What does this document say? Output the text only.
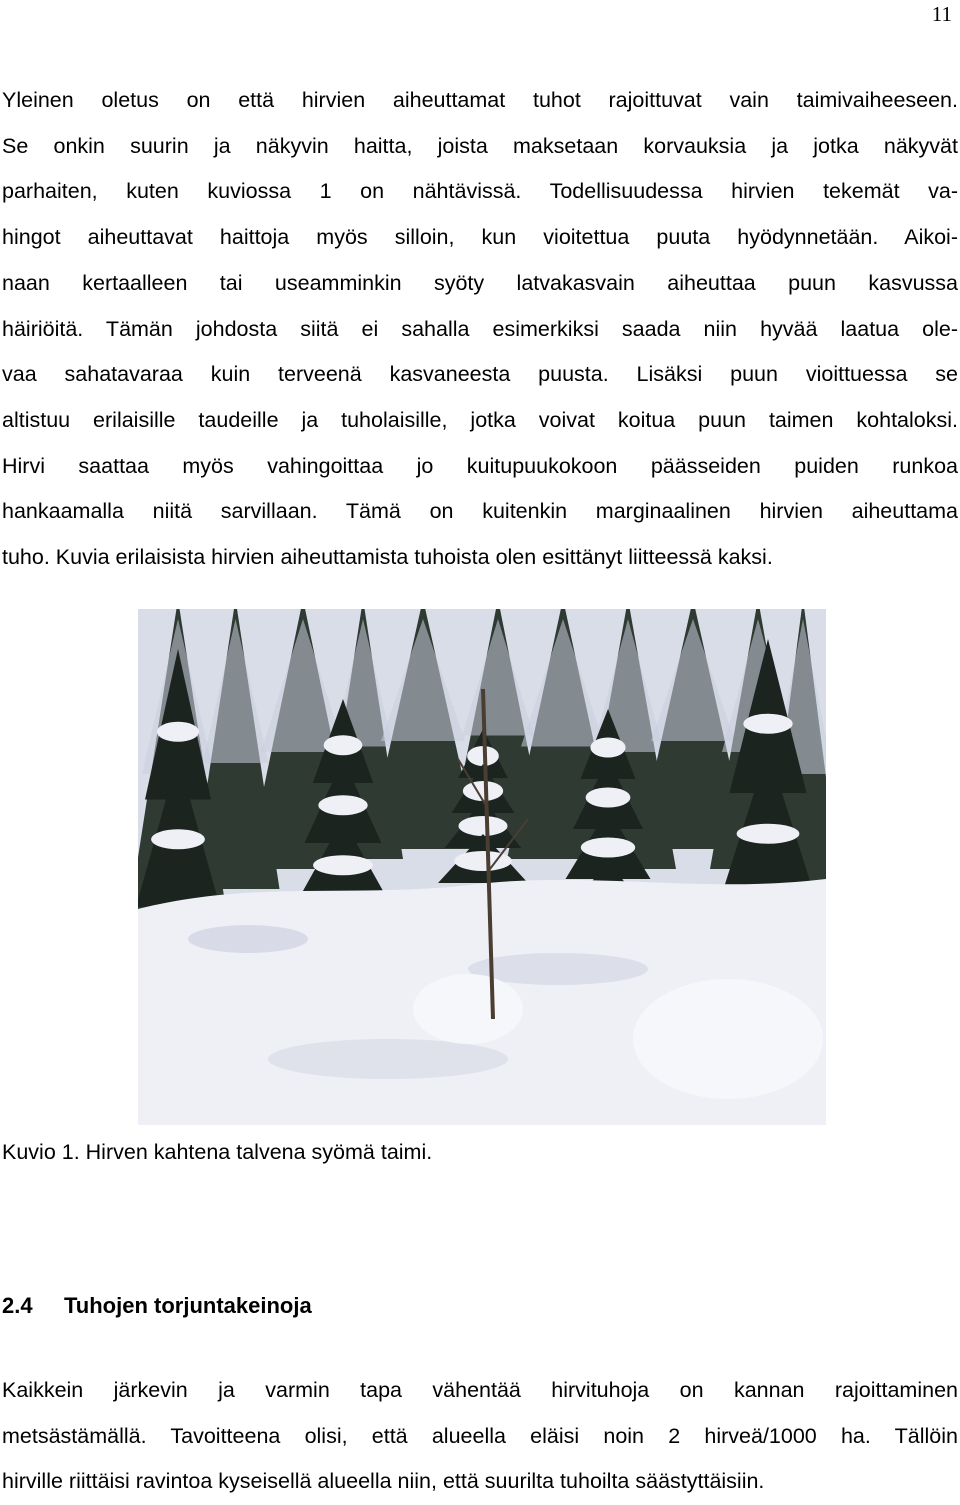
11
Yleinen oletus on että hirvien aiheuttamat tuhot rajoittuvat vain taimivaiheeseen.
Se onkin suurin ja näkyvin haitta, joista maksetaan korvauksia ja jotka näkyvät
parhaiten, kuten kuviossa 1 on nähtävissä. Todellisuudessa hirvien tekemät va-
hingot aiheuttavat haittoja myös silloin, kun vioitettua puuta hyödynnetään. Aikoi-
naan kertaalleen tai useamminkin syöty latvakasvain aiheuttaa puun kasvussa
häiriöitä. Tämän johdosta siitä ei sahalla esimerkiksi saada niin hyvää laatua ole-
vaa sahatavaraa kuin terveenä kasvaneesta puusta. Lisäksi puun vioittuessa se
altistuu erilaisille taudeille ja tuholaisille, jotka voivat koitua puun taimen kohtaloksi.
Hirvi saattaa myös vahingoittaa jo kuitupuukokoon päässeiden puiden runkoa
hankaamalla niitä sarvillaan. Tämä on kuitenkin marginaalinen hirvien aiheuttama
tuho. Kuvia erilaisista hirvien aiheuttamista tuhoista olen esittänyt liitteessä kaksi.
Kuvio 1. Hirven kahtena talvena syömä taimi.
2.4 Tuhojen torjuntakeinoja
Kaikkein järkevin ja varmin tapa vähentää hirvituhoja on kannan rajoittaminen
metsästämällä. Tavoitteena olisi, että alueella eläisi noin 2 hirveä/1000 ha. Tällöin
hirville riittäisi ravintoa kyseisellä alueella niin, että suurilta tuhoilta säästyttäisiin.
